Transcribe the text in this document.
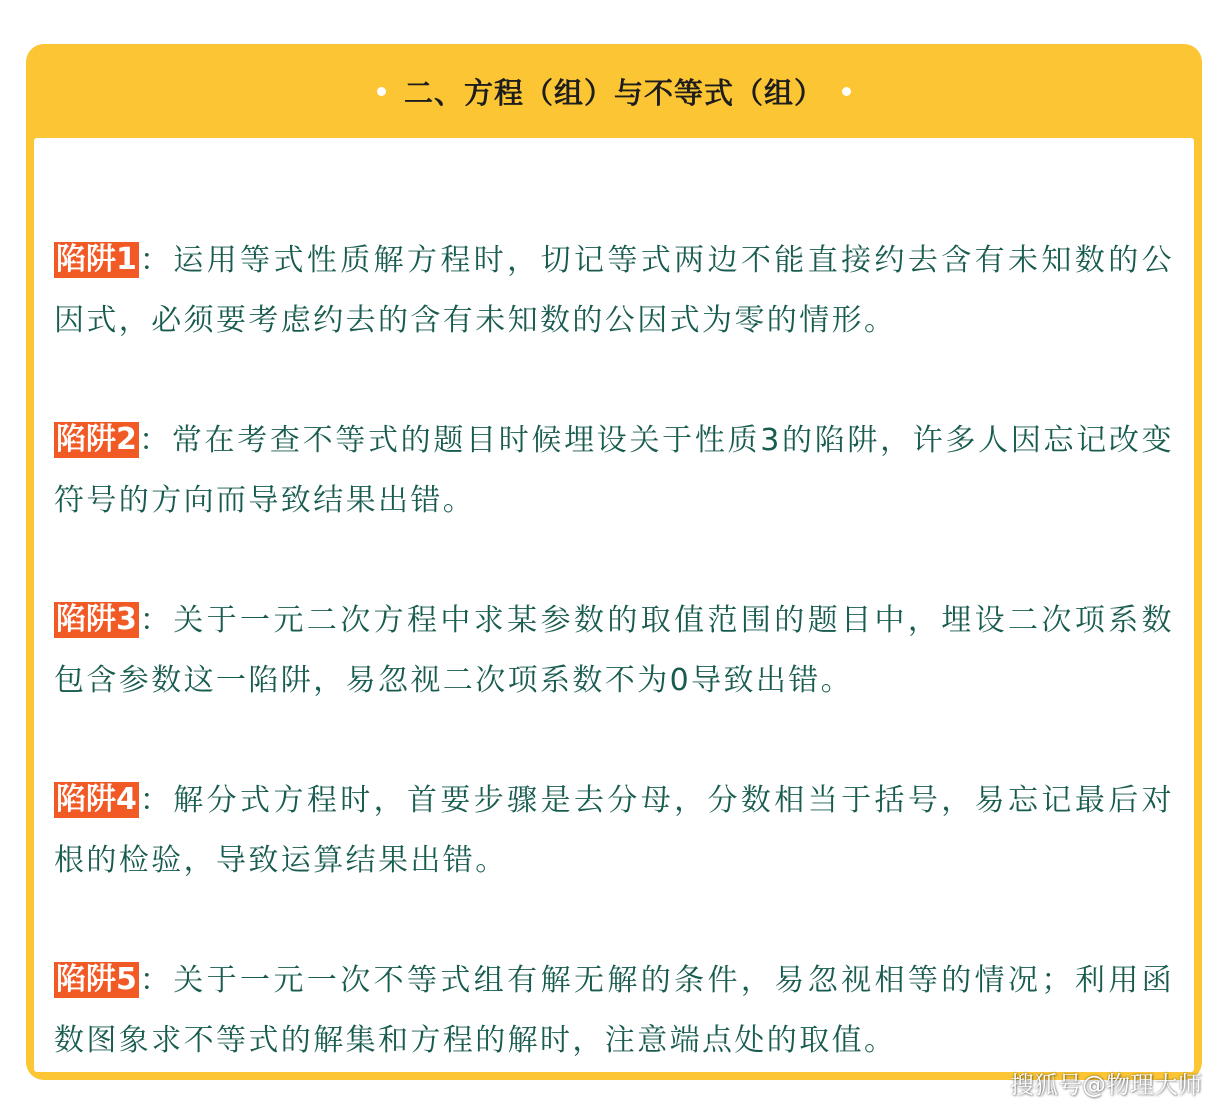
二、方程（组）与不等式（组）

陷阱1：运用等式性质解方程时，切记等式两边不能直接约去含有未知数的公因式，必须要考虑约去的含有未知数的公因式为零的情形。

陷阱2：常在考查不等式的题目时候埋设关于性质3的陷阱，许多人因忘记改变符号的方向而导致结果出错。

陷阱3：关于一元二次方程中求某参数的取值范围的题目中，埋设二次项系数包含参数这一陷阱，易忽视二次项系数不为0导致出错。

陷阱4：解分式方程时，首要步骤是去分母，分数相当于括号，易忘记最后对根的检验，导致运算结果出错。

陷阱5：关于一元一次不等式组有解无解的条件，易忽视相等的情况；利用函数图象求不等式的解集和方程的解时，注意端点处的取值。

搜狐号@物理大师
